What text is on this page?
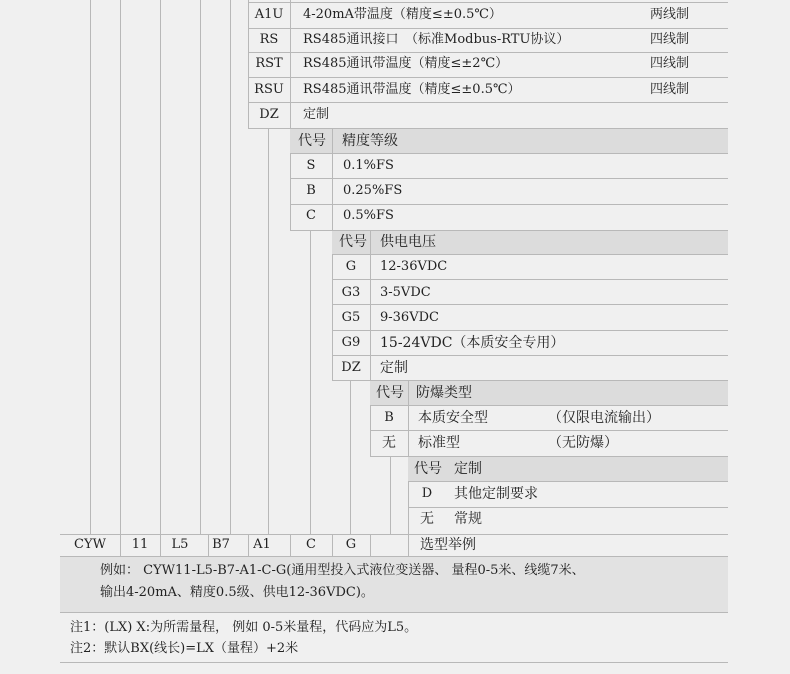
A1U	4-20mA带温度（精度≤±0.5℃）	两线制
RS	RS485通讯接口　（标准Modbus-RTU协议）	四线制
RST	RS485通讯带温度（精度≤±2℃）	四线制
RSU	RS485通讯带温度（精度≤±0.5℃）	四线制
DZ	定制
代号 精度等级
S	0.1%FS
B	0.25%FS
C	0.5%FS
代号 供电电压
G	12-36VDC
G3	3-5VDC
G5	9-36VDC
G9	15-24VDC（本质安全专用）
DZ	定制
代号 防爆类型
B	本质安全型	（仅限电流输出）
无	标准型	（无防爆）
代号 定制
D	其他定制要求
无	常规
CYW	11	L5	B7	A1	C	G	选型举例
例如： CYW11-L5-B7-A1-C-G(通用型投入式液位变送器、 量程0-5米、线缆7米、
输出4-20mA、精度0.5级、供电12-36VDC)。
注1：(LX) X:为所需量程， 例如 0-5米量程，代码应为L5。
注2：默认BX(线长)=LX（量程）+2米
